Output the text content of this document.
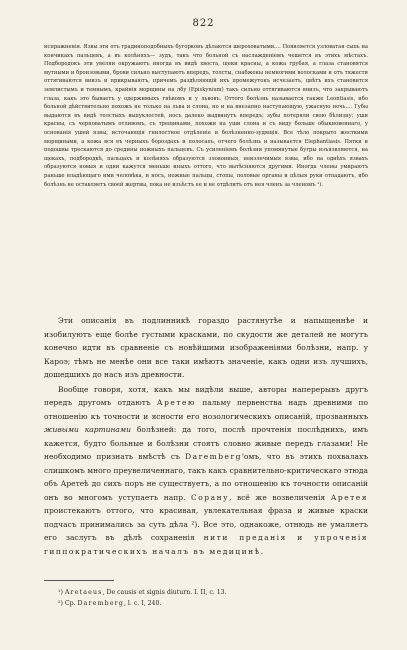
822

испражненія. Язвы эти отъ градиноподобныхъ бугорковъ дѣлаются шероховатыми.... Появляется узловатая сыпь на кончикахъ пальцевъ, а въ колѣняхъ— зудъ, такъ что больной съ наслажденіемъ чешется въ этихъ мѣстахъ. Подбородокъ эти увеляи окружаютъ иногда въ видѣ хвоста, щеки красны, а кожа грубая, а глаза становятся мутными и бронзовыми, брови сильно выступаютъ впередъ, толсты, снабжены немногими волосками и отъ тяжести оттягиваются внизъ и прикрываютъ, причемъ раздѣляющій ихъ промежутокъ исчезаетъ, цвѣтъ ихъ становится землистымъ и темнымъ, крайнія морщины на лбу (Episkynium) такъ сильно оттягиваются внизъ, что закрываютъ глаза, какъ это бываетъ у одержимыхъ гнѣвомъ и у львовъ. Оттого болѣзнь называется также Leontiasis, ибо больной дѣйствительно похожъ не только на льва и слона, но и на внезапно наступающую, ужасную ночь.... Губы выдаются въ видѣ толстыхъ выпуклостей, носъ далеко выдвинутъ впередъ; зубы потеряли свою бѣлизну; уши красны, съ черноватымъ отливомъ, съ трещинами, похожи на уши слона и съ виду больше обыкновеннаго, у основанія ушей язвы, источающія гнилостное отдѣленіе и болѣзненно-зудящія. Все тѣло покрыто жесткими морщинами, а кожа вся въ черныхъ бороздахъ и полосахъ, отчего болѣзнь и называется Elephantiasis. Пятки и подошвы трескаются до средины ножныхъ пальцевъ. Съ усиленіемъ болѣзни упомянутые бугры изъязвляются, на щекахъ, подбородкѣ, пальцахъ и колѣняхъ образуются зловонныя, неизлечимыя язвы, ибо на однѣхъ язвахъ образуются новыя и одни кажутся меньше иныхъ оттого, что вытѣсняются другими. Иногда члены умираютъ раньше владѣющаго ими человѣка, и носъ, ножные пальцы, стопы, половые органы и цѣлыя руки отпадаютъ, ибо болѣзнь не оставляетъ своей жертвы, пока не изъѣстъ ее и не отдѣлитъ отъ нея членъ за членомъ ¹).

Эти описанія въ подлинникѣ гораздо растянутѣе и напыщеннѣе и изобилуютъ еще болѣе густыми красками, по скудости же деталей не могутъ конечно идти въ сравненіе съ новѣйшими изображеніями болѣзни, напр. у Кароэ; тѣмъ не менѣе они все таки имѣютъ значеніе, какъ одни изъ лучшихъ, дошедшихъ до насъ изъ древности.

Вообще говоря, хотя, какъ мы видѣли выше, авторы наперерывъ другъ передъ другомъ отдаютъ Аретею пальму первенства надъ древними по отношенію къ точности и ясности его нозологическихъ описаній, прозванныхъ живыми картинами болѣзней: да того, послѣ прочтенія послѣднихъ, имъ кажется, будто больные и болѣзни стоятъ словно живые передъ глазами! Не необходимо признать вмѣстѣ съ Daremberg'омъ, что въ этихъ похвалахъ слишкомъ много преувеличеннаго, такъ какъ сравнительно-критическаго этюда объ Аретеѣ до сихъ поръ не существуетъ, а по отношенію къ точности описаній онъ во многомъ уступаетъ напр. Сорану, всё же возвеличенія Аретея проистекаютъ оттого, что красивая, увлекательная фраза и живые краски подчасъ принимались за суть дѣла ²). Все это, однакоже, отнюдь не умаляетъ его заслугъ въ дѣлѣ сохраненія нити преданія и упроченія гиппократическихъ началъ въ медицинѣ.

¹) Aretaeus, De causis et signis diuturn. I. II, c. 13.
²) Cp. Daremberg, l. c. I, 240.
